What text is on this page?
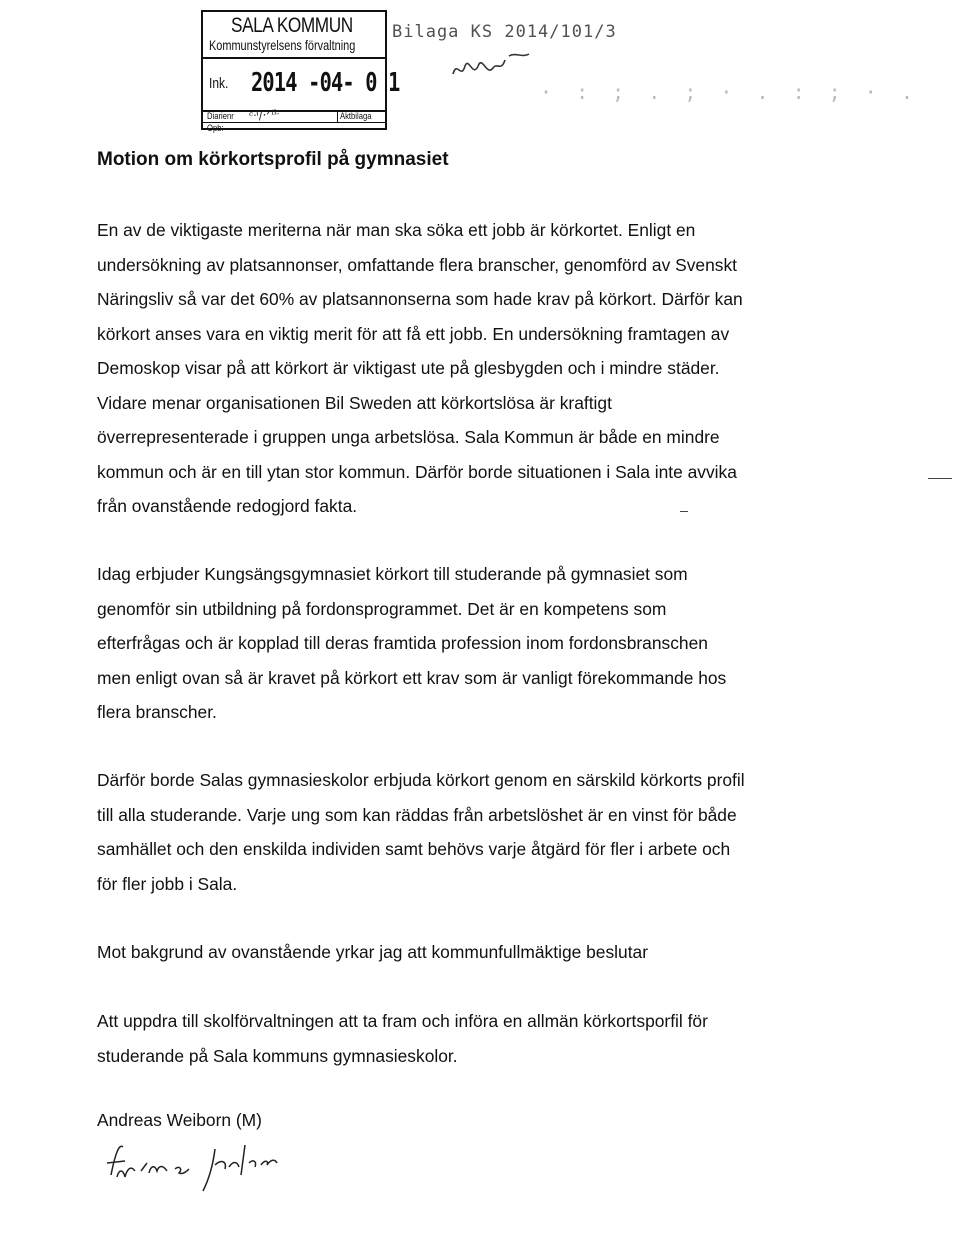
SALA KOMMUN
Kommunstyrelsens förvaltning
Ink. 2014 -04- 0 1
Diarienr ᶜᐧᑊ/·ᐟⁱᴸ	Aktbilaga
Opb:
Bilaga KS 2014/101/3
· : ; . ; · . : ; · .
Motion om körkortsprofil på gymnasiet

En av de viktigaste meriterna när man ska söka ett jobb är körkortet. Enligt en
undersökning av platsannonser, omfattande flera branscher, genomförd av Svenskt
Näringsliv så var det 60% av platsannonserna som hade krav på körkort. Därför kan
körkort anses vara en viktig merit för att få ett jobb. En undersökning framtagen av
Demoskop visar på att körkort är viktigast ute på glesbygden och i mindre städer.
Vidare menar organisationen Bil Sweden att körkortslösa är kraftigt
överrepresenterade i gruppen unga arbetslösa. Sala Kommun är både en mindre
kommun och är en till ytan stor kommun. Därför borde situationen i Sala inte avvika
från ovanstående redogjord fakta.

Idag erbjuder Kungsängsgymnasiet körkort till studerande på gymnasiet som
genomför sin utbildning på fordonsprogrammet. Det är en kompetens som
efterfrågas och är kopplad till deras framtida profession inom fordonsbranschen
men enligt ovan så är kravet på körkort ett krav som är vanligt förekommande hos
flera branscher.

Därför borde Salas gymnasieskolor erbjuda körkort genom en särskild körkorts profil
till alla studerande. Varje ung som kan räddas från arbetslöshet är en vinst för både
samhället och den enskilda individen samt behövs varje åtgärd för fler i arbete och
för fler jobb i Sala.

Mot bakgrund av ovanstående yrkar jag att kommunfullmäktige beslutar

Att uppdra till skolförvaltningen att ta fram och införa en allmän körkortsporfil för
studerande på Sala kommuns gymnasieskolor.

Andreas Weiborn (M)
